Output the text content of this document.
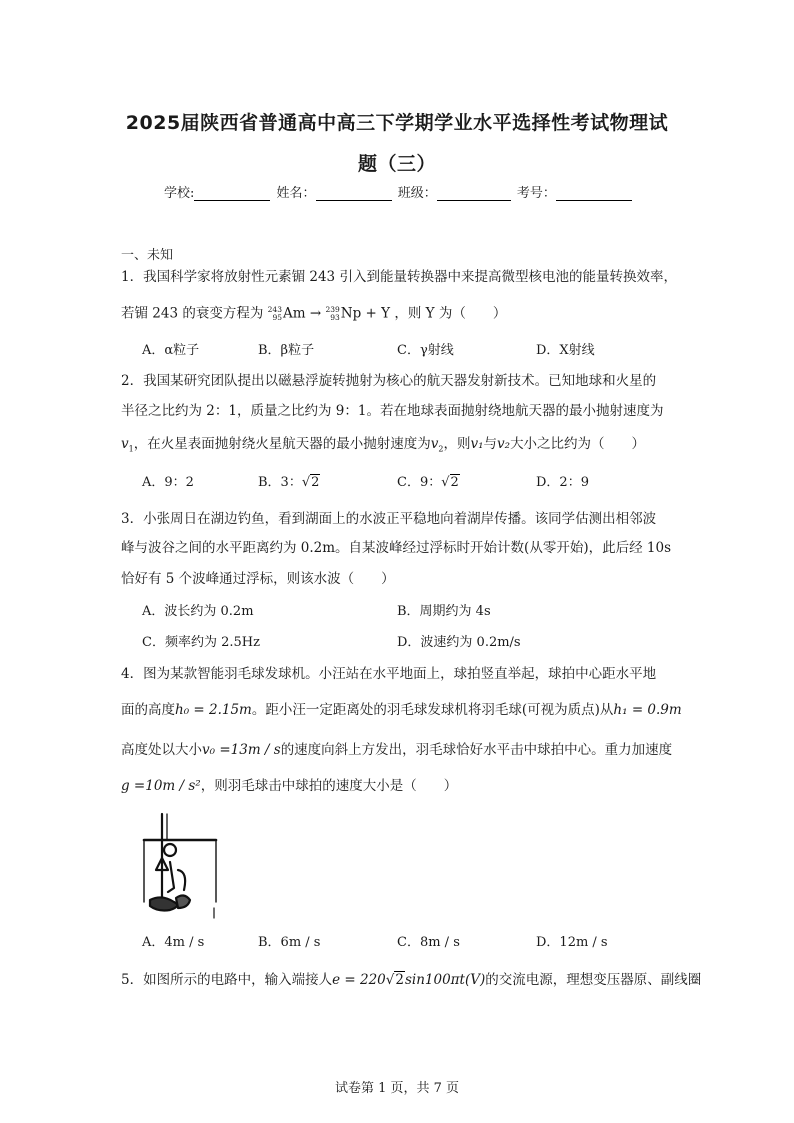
2025届陕西省普通高中高三下学期学业水平选择性考试物理试
题（三）
学校:	姓名：	班级：	考号：
一、未知
1．我国科学家将放射性元素镅 243 引入到能量转换器中来提高微型核电池的能量转换效率，
若镅 243 的衰变方程为 243
95 Am → 239
93 Np + Y ，则 Y 为（　　）
A．α粒子	B．β粒子	C．γ射线	D．X射线
2．我国某研究团队提出以磁悬浮旋转抛射为核心的航天器发射新技术。已知地球和火星的
半径之比约为 2：1，质量之比约为 9：1。若在地球表面抛射绕地航天器的最小抛射速度为
$v_1$，在火星表面抛射绕火星航天器的最小抛射速度为$v_2$，则v₁与v₂大小之比约为（　　）
A．9：2	B．3：√2	C．9：√2	D．2：9
3．小张周日在湖边钓鱼，看到湖面上的水波正平稳地向着湖岸传播。该同学估测出相邻波
峰与波谷之间的水平距离约为 0.2m。自某波峰经过浮标时开始计数(从零开始)，此后经 10s
恰好有 5 个波峰通过浮标，则该水波（　　）
A．波长约为 0.2m	B．周期约为 4s
C．频率约为 2.5Hz	D．波速约为 0.2m/s
4．图为某款智能羽毛球发球机。小汪站在水平地面上，球拍竖直举起，球拍中心距水平地
面的高度h₀ = 2.15m。距小汪一定距离处的羽毛球发球机将羽毛球(可视为质点)从h₁ = 0.9m
高度处以大小v₀ =13m / s的速度向斜上方发出，羽毛球恰好水平击中球拍中心。重力加速度
g =10m / s²，则羽毛球击中球拍的速度大小是（　　）
A．4m / s	B．6m / s	C．8m / s	D．12m / s
5．如图所示的电路中，输入端接人e = 220√2sin100πt(V)的交流电源，理想变压器原、副线圈
试卷第 1 页，共 7 页
